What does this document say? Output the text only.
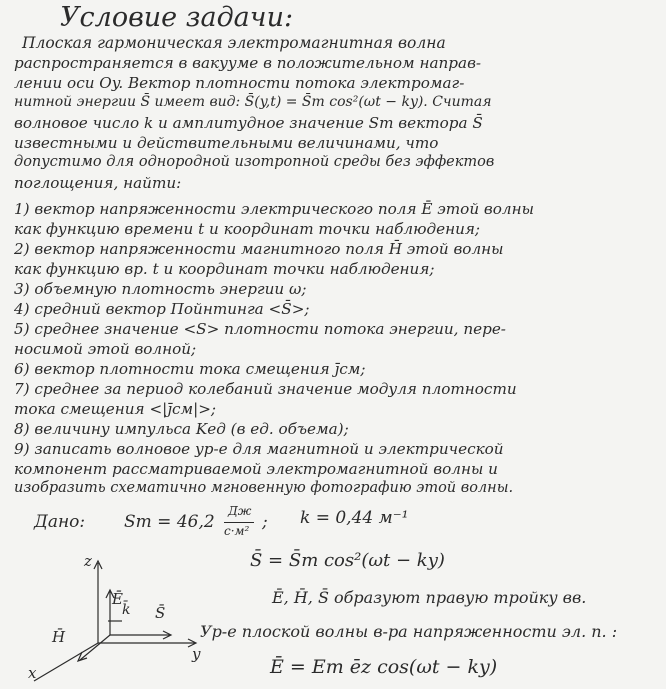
Условие задачи:
Плоская гармоническая электромагнитная волна
распространяется в вакууме в положительном направ-
лении оси Oy. Вектор плотности потока электромаг-
нитной энергии S̄ имеет вид: S̄(y,t) = S̄m cos²(ωt − ky). Считая
волновое число k и амплитудное значение Sm вектора S̄
известными и действительными величинами, что
допустимо для однородной изотропной среды без эффектов
поглощения, найти:
1) вектор напряженности электрического поля Ē этой волны
как функцию времени t и координат точки наблюдения;
2) вектор напряженности магнитного поля H̄ этой волны
как функцию вр. t и координат точки наблюдения;
3) объемную плотность энергии ω;
4) средний вектор Пойнтинга <S̄>;
5) среднее значение <S> плотности потока энергии, пере-
носимой этой волной;
6) вектор плотности тока смещения j̄см;
7) среднее за период колебаний значение модуля плотности
тока смещения <|j̄см|>;
8) величину импульса Kед (в ед. объема);
9) записать волновое ур-е для магнитной и электрической
компонент рассматриваемой электромагнитной волны и
изобразить схематично мгновенную фотографию этой волны.
Дано: Sm = 46,2
Дж
с·м² ; k = 0,44 м⁻¹
z
y
x
Ē
k̄ S̄
H̄
S̄ = S̄m cos²(ωt − ky)
Ē, H̄, S̄ образуют правую тройку вв.
Ур-е плоской волны в-ра напряженности эл. п. :
Ē = Em ēz cos(ωt − ky)
